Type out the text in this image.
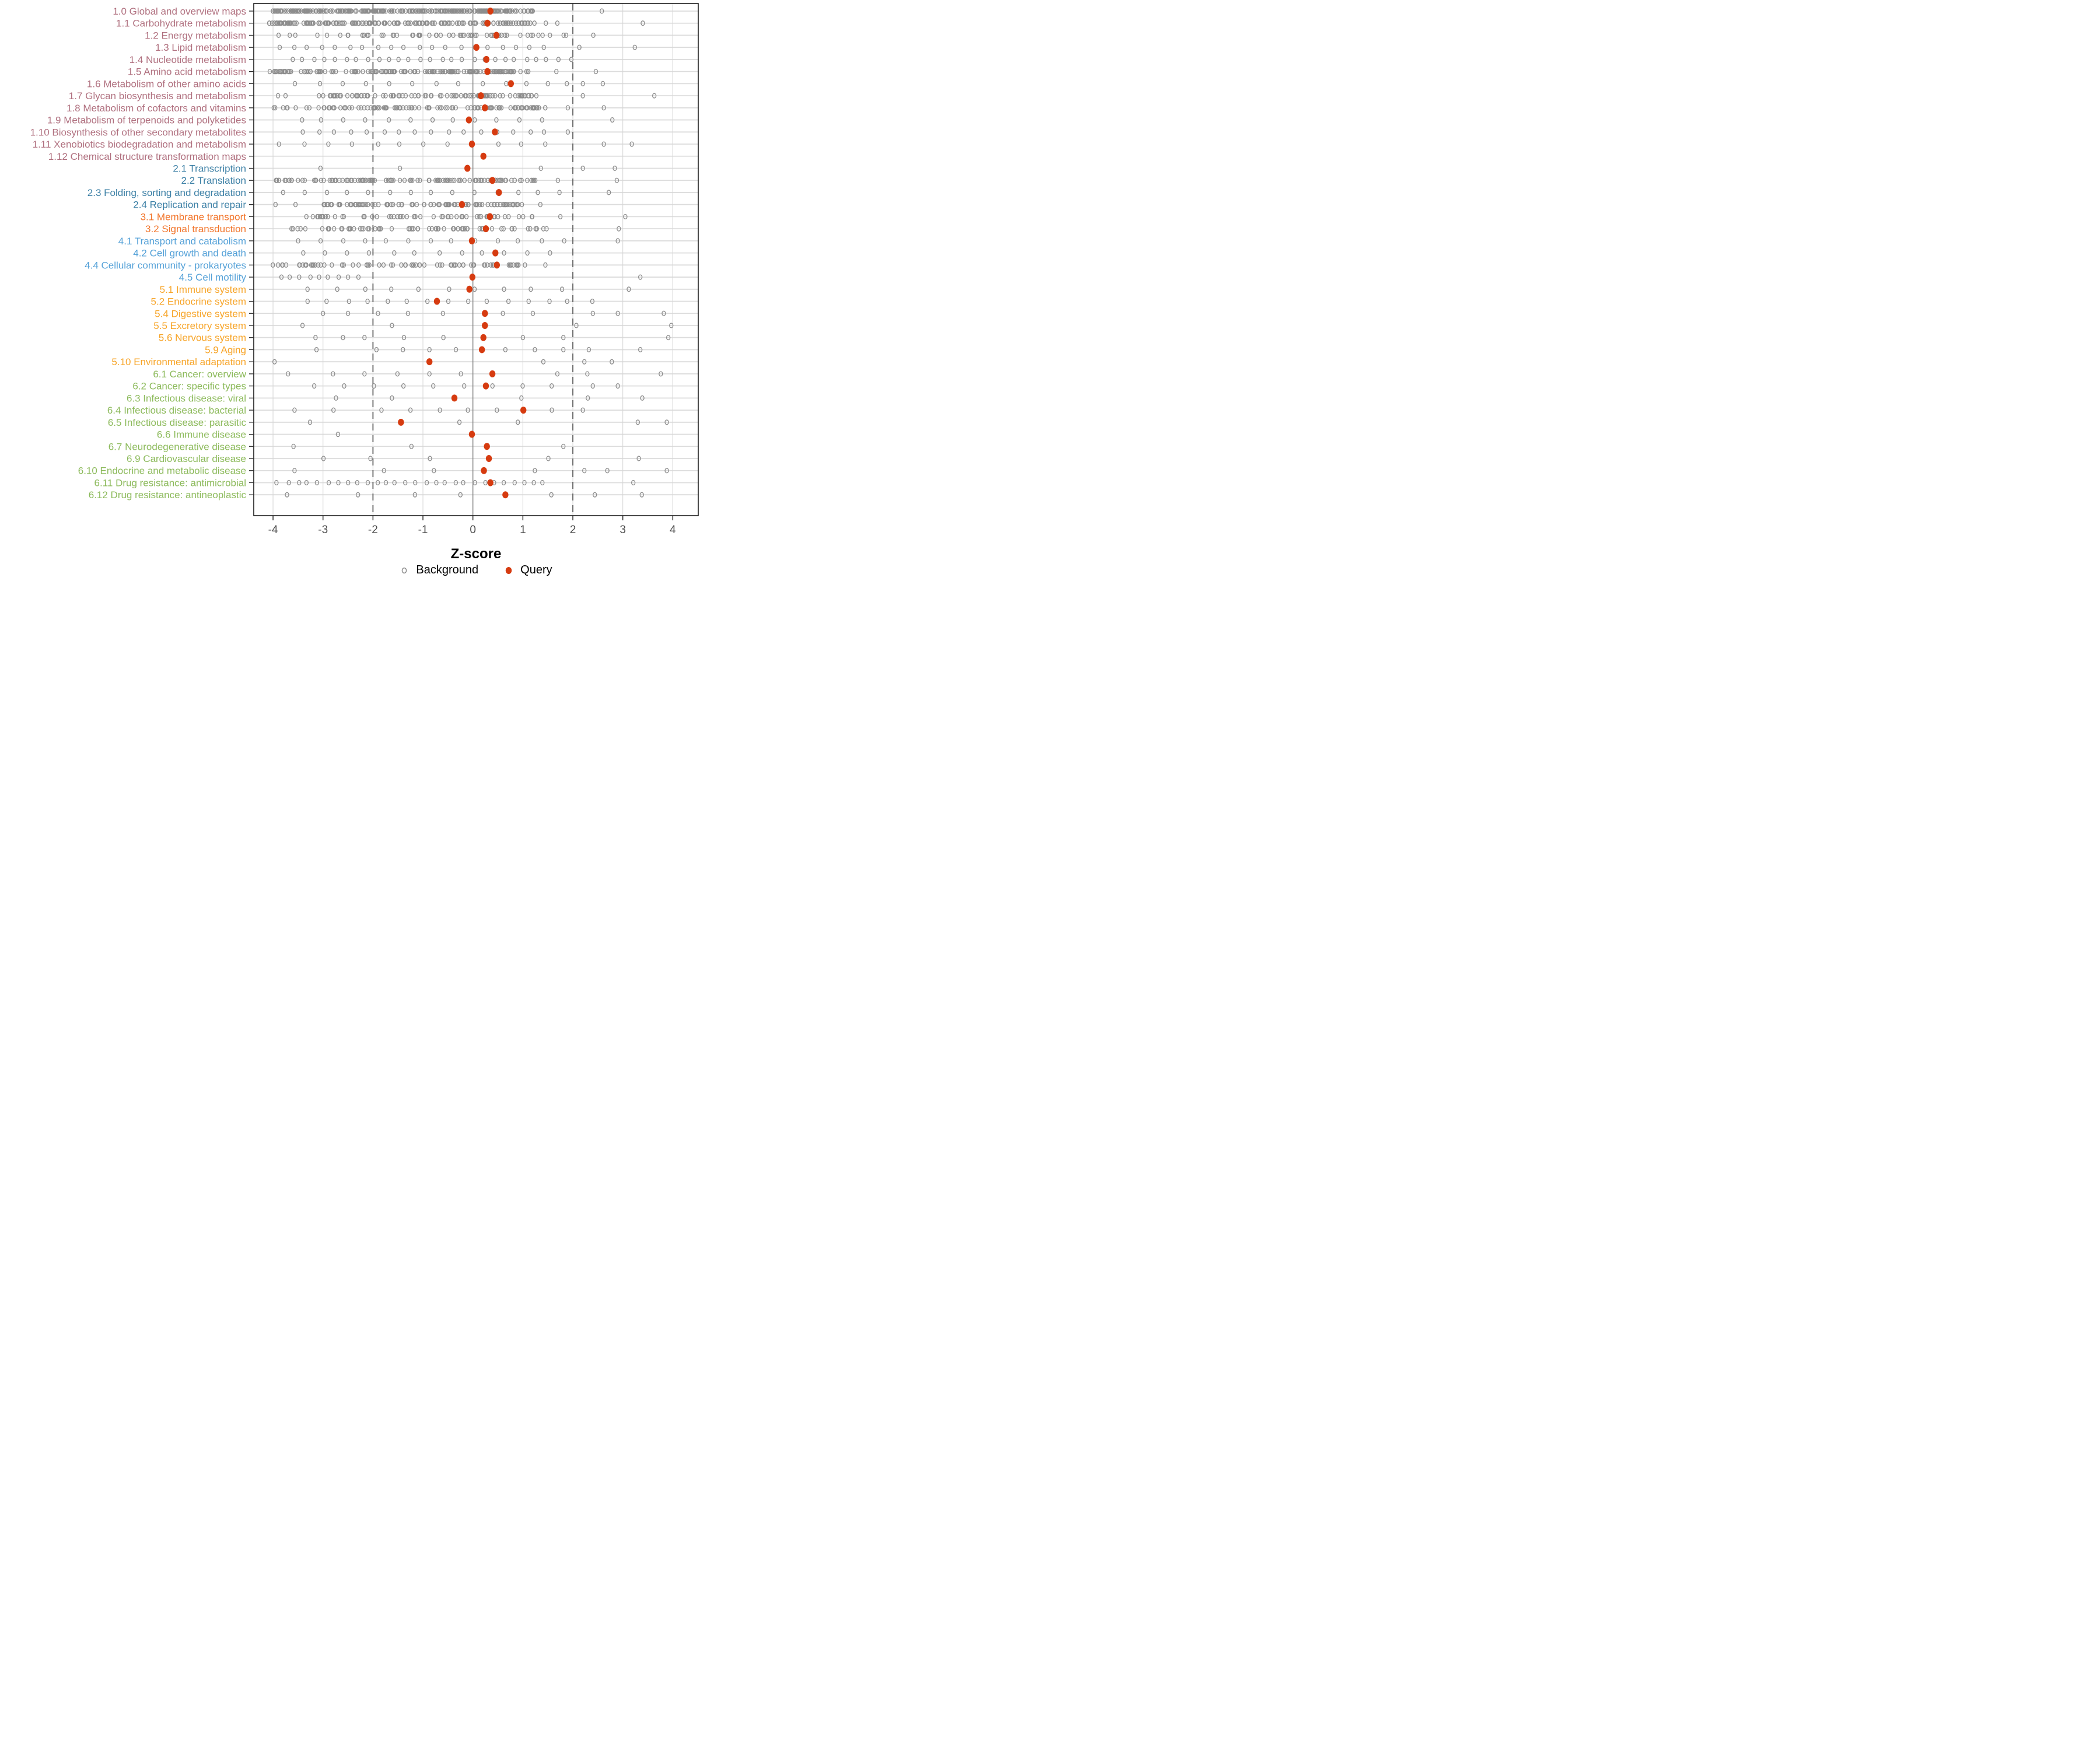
-4	-3	-2	-1	0	1	2	3	4
1.0 Global and overview maps
1.1 Carbohydrate metabolism
1.2 Energy metabolism
1.3 Lipid metabolism
1.4 Nucleotide metabolism
1.5 Amino acid metabolism
1.6 Metabolism of other amino acids
1.7 Glycan biosynthesis and metabolism
1.8 Metabolism of cofactors and vitamins
1.9 Metabolism of terpenoids and polyketides
1.10 Biosynthesis of other secondary metabolites
1.11 Xenobiotics biodegradation and metabolism
1.12 Chemical structure transformation maps
2.1 Transcription
2.2 Translation
2.3 Folding, sorting and degradation
2.4 Replication and repair
3.1 Membrane transport
3.2 Signal transduction
4.1 Transport and catabolism
4.2 Cell growth and death
4.4 Cellular community - prokaryotes
4.5 Cell motility
5.1 Immune system
5.2 Endocrine system
5.4 Digestive system
5.5 Excretory system
5.6 Nervous system
5.9 Aging
5.10 Environmental adaptation
6.1 Cancer: overview
6.2 Cancer: specific types
6.3 Infectious disease: viral
6.4 Infectious disease: bacterial
6.5 Infectious disease: parasitic
6.6 Immune disease
6.7 Neurodegenerative disease
6.9 Cardiovascular disease
6.10 Endocrine and metabolic disease
6.11 Drug resistance: antimicrobial
6.12 Drug resistance: antineoplastic
Z-score
Background	Query
